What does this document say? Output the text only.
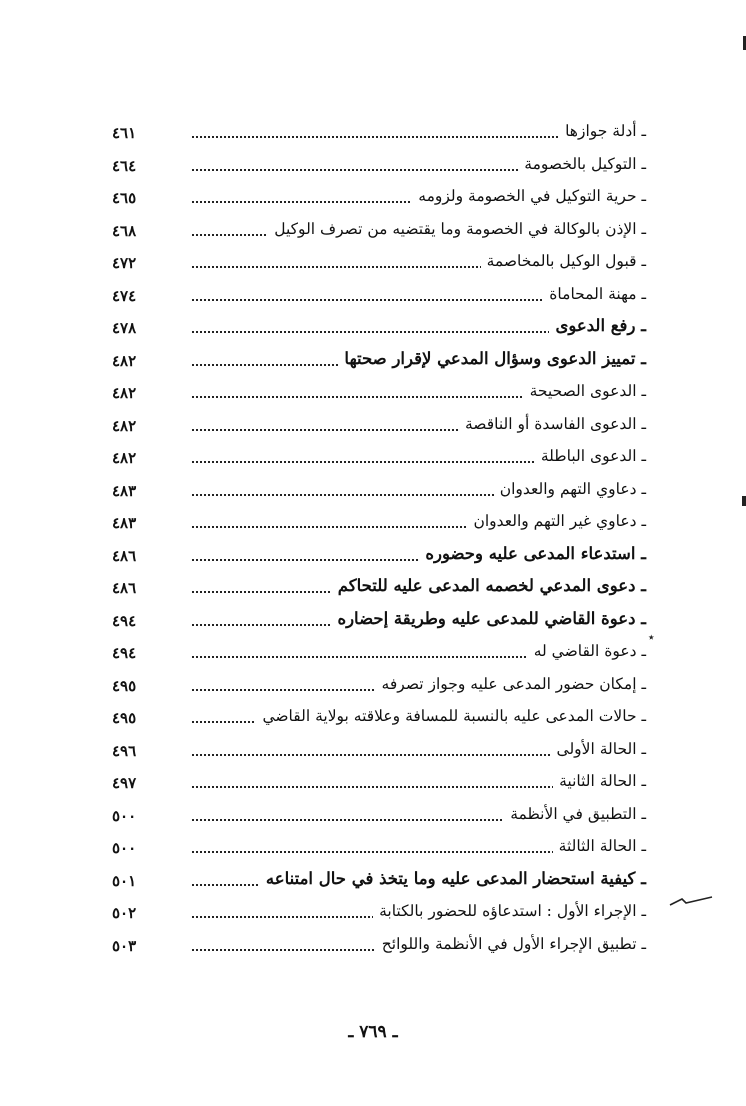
ـ أدلة جوازها
٤٦١
ـ التوكيل بالخصومة
٤٦٤
ـ حرية التوكيل في الخصومة ولزومه
٤٦٥
ـ الإذن بالوكالة في الخصومة وما يقتضيه من تصرف الوكيل
٤٦٨
ـ قبول الوكيل بالمخاصمة
٤٧٢
ـ مهنة المحاماة
٤٧٤
ـ رفع الدعوى
٤٧٨
ـ تمييز الدعوى وسؤال المدعي لإقرار صحتها
٤٨٢
ـ الدعوى الصحيحة
٤٨٢
ـ الدعوى الفاسدة أو الناقصة
٤٨٢
ـ الدعوى الباطلة
٤٨٢
ـ دعاوي التهم والعدوان
٤٨٣
ـ دعاوي غير التهم والعدوان
٤٨٣
ـ استدعاء المدعى عليه وحضوره
٤٨٦
ـ دعوى المدعي لخصمه المدعى عليه للتحاكم
٤٨٦
ـ دعوة القاضي للمدعى عليه وطريقة إحضاره
٤٩٤
ـ دعوة القاضي له
٤٩٤
ـ إمكان حضور المدعى عليه وجواز تصرفه
٤٩٥
ـ حالات المدعى عليه بالنسبة للمسافة وعلاقته بولاية القاضي
٤٩٥
ـ الحالة الأولى
٤٩٦
ـ الحالة الثانية
٤٩٧
ـ التطبيق في الأنظمة
٥٠٠
ـ الحالة الثالثة
٥٠٠
ـ كيفية استحضار المدعى عليه وما يتخذ في حال امتناعه
٥٠١
ـ الإجراء الأول : استدعاؤه للحضور بالكتابة
٥٠٢
ـ تطبيق الإجراء الأول في الأنظمة واللوائح
٥٠٣
٭
ـ ٧٦٩ ـ
